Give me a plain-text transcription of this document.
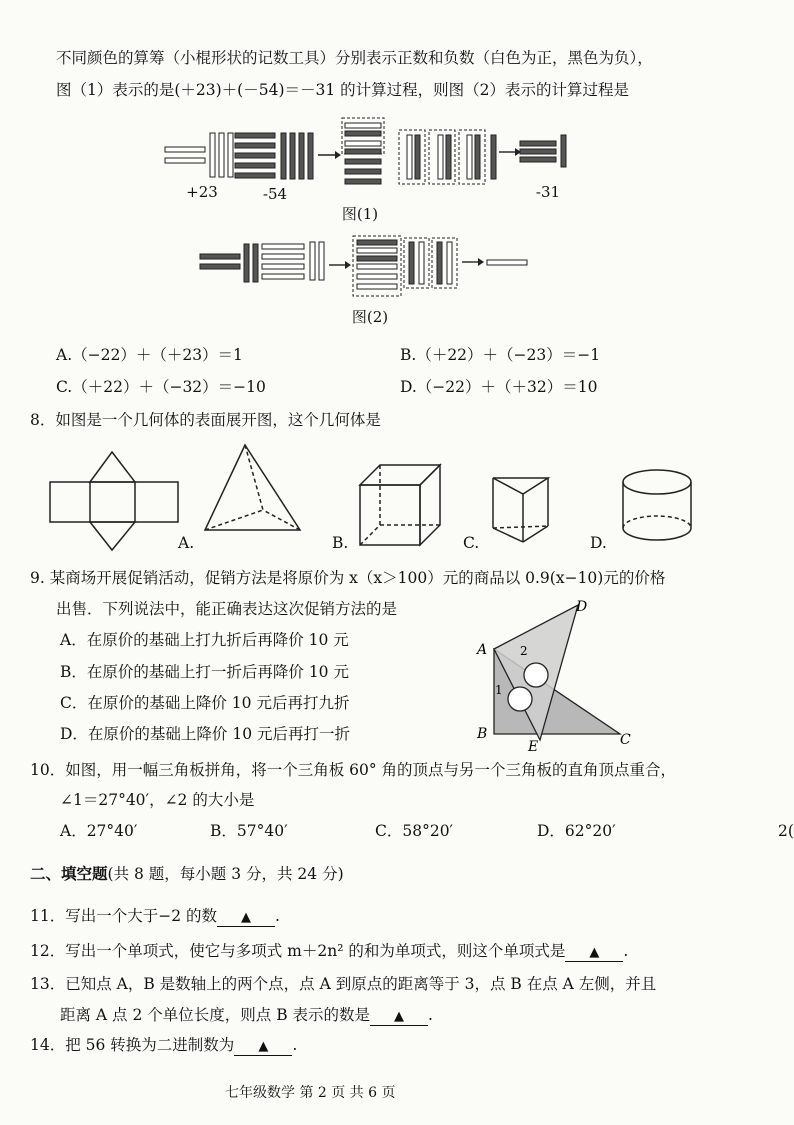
不同颜色的算筹（小棍形状的记数工具）分别表示正数和负数（白色为正，黑色为负），
图（1）表示的是(＋23)＋(－54)＝－31 的计算过程，则图（2）表示的计算过程是
+23	-54	-31
图(1)
图(2)
A.（−22）＋（＋23）＝1	B.（＋22）＋（−23）＝−1
C.（＋22）＋（−32）＝−10	D.（−22）＋（＋32）＝10
8．如图是一个几何体的表面展开图，这个几何体是
A.	B.	C.	D.
9. 某商场开展促销活动，促销方法是将原价为 x（x＞100）元的商品以 0.9(x−10)元的价格
出售．下列说法中，能正确表达这次促销方法的是
A．在原价的基础上打九折后再降价 10 元
B．在原价的基础上打一折后再降价 10 元
C．在原价的基础上降价 10 元后再打九折
D．在原价的基础上降价 10 元后再打一折
A
B	C
D
E
1
2
10．如图，用一幅三角板拼角，将一个三角板 60° 角的顶点与另一个三角板的直角顶点重合，
∠1＝27°40′，∠2 的大小是
A．27°40′	B．57°40′	C．58°20′	D．62°20′	2(
二、填空题(共 8 题，每小题 3 分，共 24 分)
11．写出一个大于−2 的数 ▲ .
12．写出一个单项式，使它与多项式 m＋2n² 的和为单项式，则这个单项式是 ▲ .
13．已知点 A，B 是数轴上的两个点，点 A 到原点的距离等于 3，点 B 在点 A 左侧，并且
距离 A 点 2 个单位长度，则点 B 表示的数是 ▲ .
14．把 56 转换为二进制数为 ▲ .
七年级数学 第 2 页 共 6 页
